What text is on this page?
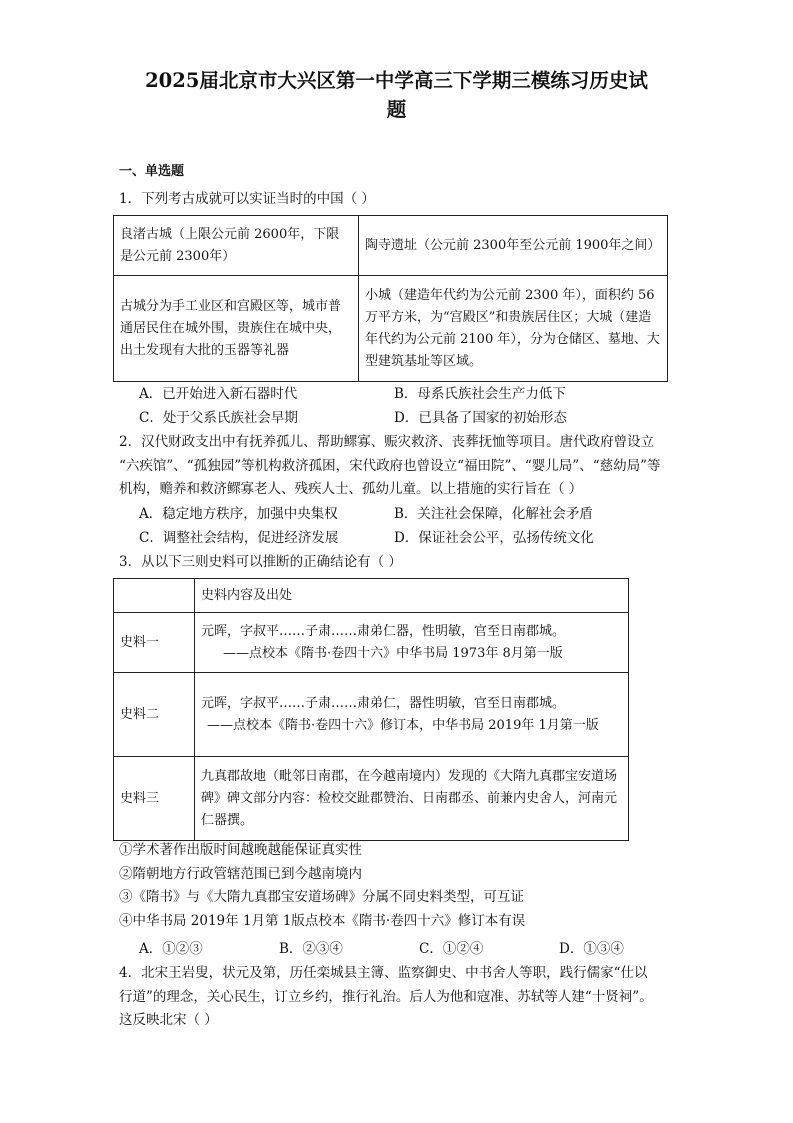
2025届北京市大兴区第一中学高三下学期三模练习历史试
题
一、单选题

1．下列考古成就可以实证当时的中国（ ）

良渚古城（上限公元前 2600年，下限是公元前 2300年）	陶寺遗址（公元前 2300年至公元前 1900年之间）
古城分为手工业区和宫殿区等，城市普通居民住在城外围，贵族住在城中央，出土发现有大批的玉器等礼器	小城（建造年代约为公元前 2300 年），面积约 56万平方米，为“宫殿区”和贵族居住区；大城（建造年代约为公元前 2100 年），分为仓储区、墓地、大型建筑基址等区域。
A．已开始进入新石器时代	B．母系氏族社会生产力低下
C．处于父系氏族社会早期	D．已具备了国家的初始形态

2．汉代财政支出中有抚养孤儿、帮助鳏寡、赈灾救济、丧葬抚恤等项目。唐代政府曾设立

“六疾馆”、“孤独园”等机构救济孤困，宋代政府也曾设立“福田院”、“婴儿局”、“慈幼局”等

机构，赡养和救济鳏寡老人、残疾人士、孤幼儿童。以上措施的实行旨在（ ）

A．稳定地方秩序，加强中央集权	B．关注社会保障，化解社会矛盾
C．调整社会结构，促进经济发展	D．保证社会公平，弘扬传统文化

3．从以下三则史料可以推断的正确结论有（ ）

	史料内容及出处
史料一	元晖，字叔平……子肃……肃弟仁器，性明敏，官至日南郡城。
——点校本《隋书·卷四十六》中华书局 1973年 8月第一版

史料二	元晖，字叔平……子肃……肃弟仁，器性明敏，官至日南郡城。
——点校本《隋书·卷四十六》修订本，中华书局 2019年 1月第一版

史料三	九真郡故地（毗邻日南郡，在今越南境内）发现的《大隋九真郡宝安道场碑》碑文部分内容：检校交趾郡赞治、日南郡丞、前兼内史舍人，河南元仁器撰。

①学术著作出版时间越晚越能保证真实性

②隋朝地方行政管辖范围已到今越南境内

③《隋书》与《大隋九真郡宝安道场碑》分属不同史料类型，可互证

④中华书局 2019年 1月第 1版点校本《隋书·卷四十六》修订本有误

A．①②③	B．②③④	C．①②④	D．①③④

4．北宋王岩叟，状元及第，历任栾城县主簿、监察御史、中书舍人等职，践行儒家“仕以

行道”的理念，关心民生，订立乡约，推行礼治。后人为他和寇准、苏轼等人建“十贤祠”。

这反映北宋（ ）
